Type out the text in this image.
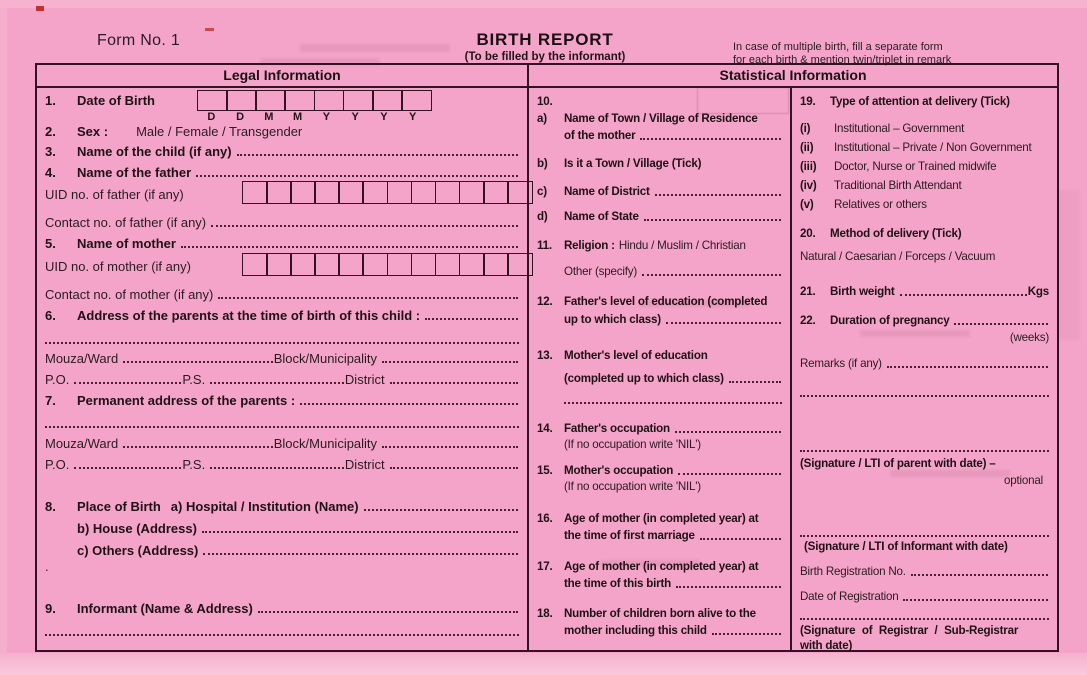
Form No. 1	BIRTH REPORT
(To be filled by the informant)
In case of multiple birth, fill a separate form
for each birth & mention twin/triplet in remark
Legal Information	Statistical Information
1.	Date of Birth
D	D	M	M	Y	Y	Y	Y
2.	Sex : Male / Female / Transgender
3.	Name of the child (if any)
4.	Name of the father
UID no. of father (if any)
Contact no. of father (if any)
5.	Name of mother
UID no. of mother (if any)
Contact no. of mother (if any)
6.	Address of the parents at the time of birth of this child :
Mouza/Ward	Block/Municipality
P.O.	P.S.	District
7.	Permanent address of the parents :
Mouza/Ward	Block/Municipality
P.O.	P.S.	District
8.	Place of Birth a) Hospital / Institution (Name)
b) House (Address)
c) Others (Address)
.
9.	Informant (Name & Address)
10.
a)	Name of Town / Village of Residence
of the mother
b)	Is it a Town / Village (Tick)
c)	Name of District
d)	Name of State
11.	Religion : Hindu / Muslim / Christian
Other (specify)
12. Father's level of education (completed
up to which class)
13. Mother's level of education
(completed up to which class)
14. Father's occupation
(If no occupation write 'NIL')
15. Mother's occupation
(If no occupation write 'NIL')
16. Age of mother (in completed year) at
the time of first marriage
17. Age of mother (in completed year) at
the time of this birth
18. Number of children born alive to the
mother including this child
19.	Type of attention at delivery (Tick)
(i)	Institutional – Government
(ii)	Institutional – Private / Non Government
(iii)	Doctor, Nurse or Trained midwife
(iv)	Traditional Birth Attendant
(v)	Relatives or others
20.	Method of delivery (Tick)
Natural / Caesarian / Forceps / Vacuum
21.	Birth weight	Kgs
22.	Duration of pregnancy
(weeks)
Remarks (if any)
(Signature / LTI of parent with date) –
optional
(Signature / LTI of Informant with date)
Birth Registration No.
Date of Registration
(Signature of Registrar / Sub-Registrar
with date)
